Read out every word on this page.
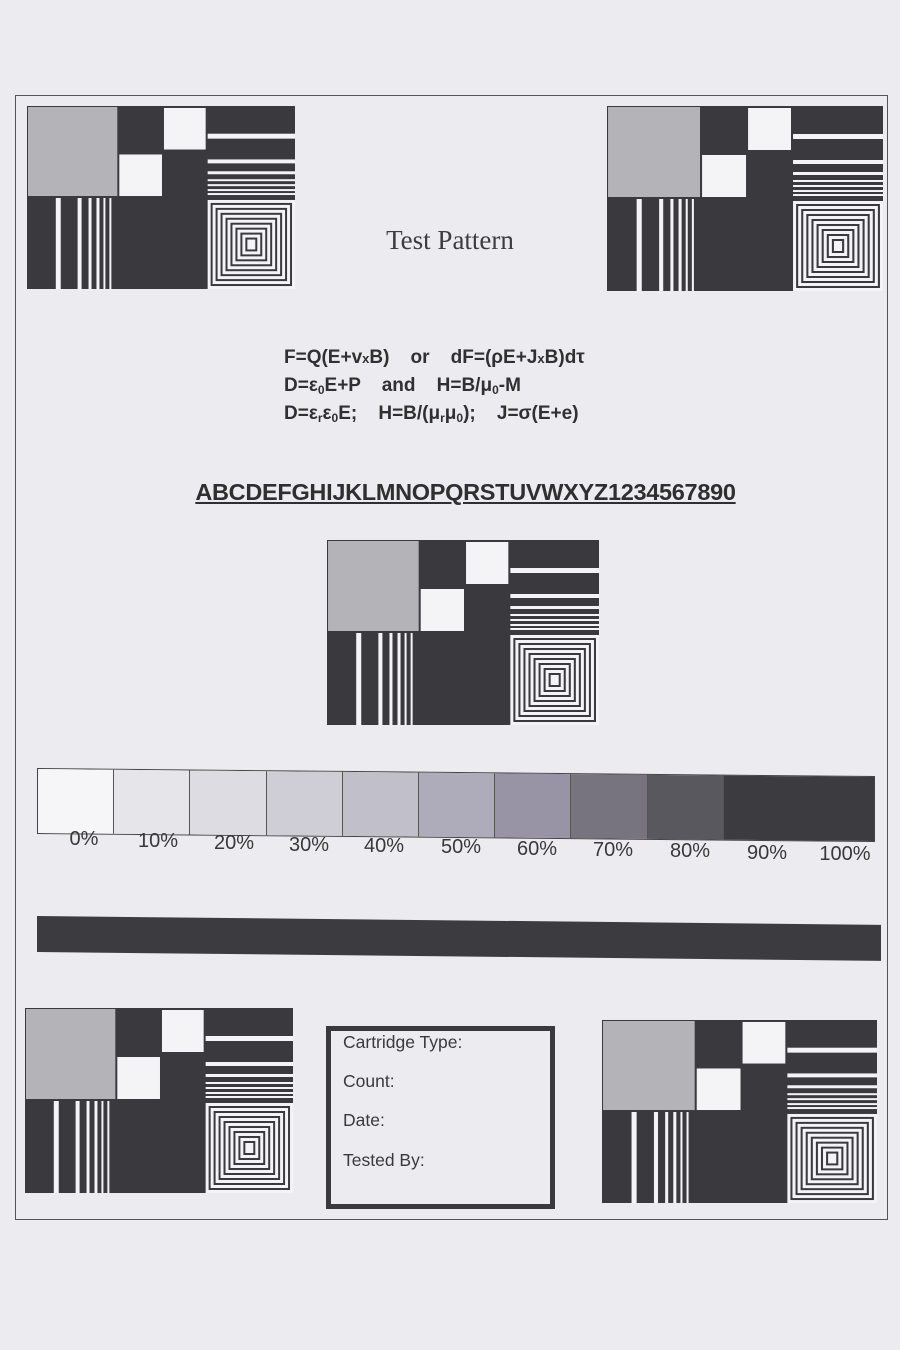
Test Pattern
F=Q(E+vxB)    or    dF=(ρE+JxB)dτ
$D=\varepsilon_0E+P$    and    $H=B/\mu_0-M$
$D=\varepsilon_r\varepsilon_0E$;    $H=B/(\mu_r\mu_0)$;    J=σ(E+e)
ABCDEFGHIJKLMNOPQRSTUVWXYZ1234567890
0%	10%	20%	30%	40%	50%	60%	70%	80%	90%	100%
Cartridge Type:
Count:
Date:
Tested By:
